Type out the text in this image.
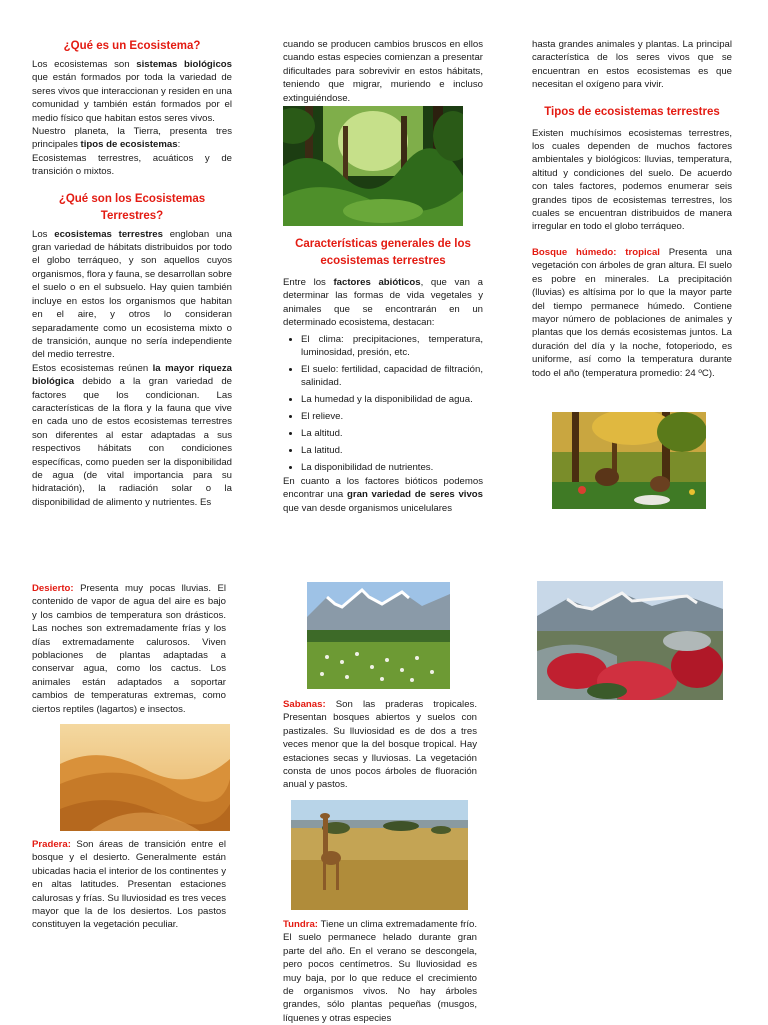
¿Qué es un Ecosistema?

Los ecosistemas son sistemas biológicos que están formados por toda la variedad de seres vivos que interaccionan y residen en una comunidad y también están formados por el medio físico que habitan estos seres vivos.

Nuestro planeta, la Tierra, presenta tres principales tipos de ecosistemas:

Ecosistemas terrestres, acuáticos y de transición o mixtos.

¿Qué son los Ecosistemas Terrestres?

Los ecosistemas terrestres engloban una gran variedad de hábitats distribuidos por todo el globo terráqueo, y son aquellos cuyos organismos, flora y fauna, se desarrollan sobre el suelo o en el subsuelo. Hay quien también incluye en estos los organismos que habitan en el aire, y otros lo consideran separadamente como un ecosistema mixto o de transición, aunque no sería independiente del medio terrestre.

Estos ecosistemas reúnen la mayor riqueza biológica debido a la gran variedad de factores que los condicionan. Las características de la flora y la fauna que vive en cada uno de estos ecosistemas terrestres son diferentes al estar adaptadas a sus respectivos hábitats con condiciones específicas, como pueden ser la disponibilidad de agua (de vital importancia para su hidratación), la radiación solar o la disponibilidad de alimento y nutrientes. Es

cuando se producen cambios bruscos en ellos cuando estas especies comienzan a presentar dificultades para sobrevivir en estos hábitats, teniendo que migrar, muriendo e incluso extinguiéndose.

Características generales de los ecosistemas terrestres

Entre los factores abióticos, que van a determinar las formas de vida vegetales y animales que se encontrarán en un determinado ecosistema, destacan:

• El clima: precipitaciones, temperatura, luminosidad, presión, etc.
• El suelo: fertilidad, capacidad de filtración, salinidad.
• La humedad y la disponibilidad de agua.
• El relieve.
• La altitud.
• La latitud.
• La disponibilidad de nutrientes.

En cuanto a los factores bióticos podemos encontrar una gran variedad de seres vivos que van desde organismos unicelulares

hasta grandes animales y plantas. La principal característica de los seres vivos que se encuentran en estos ecosistemas es que necesitan el oxígeno para vivir.

Tipos de ecosistemas terrestres

Existen muchísimos ecosistemas terrestres, los cuales dependen de muchos factores ambientales y biológicos: lluvias, temperatura, altitud y condiciones del suelo. De acuerdo con tales factores, podemos enumerar seis grandes tipos de ecosistemas terrestres, los cuales se encuentran distribuidos de manera irregular en todo el globo terráqueo.

Bosque húmedo: tropical Presenta una vegetación con árboles de gran altura. El suelo es pobre en minerales. La precipitación (lluvias) es altísima por lo que la mayor parte del tiempo permanece húmedo. Contiene mayor número de poblaciones de animales y plantas que los demás ecosistemas juntos. La duración del día y la noche, fotoperiodo, es uniforme, así como la temperatura durante todo el año (temperatura promedio: 24 ºC).

Desierto: Presenta muy pocas lluvias. El contenido de vapor de agua del aire es bajo y los cambios de temperatura son drásticos. Las noches son extremadamente frías y los días extremadamente calurosos. Viven poblaciones de plantas adaptadas a conservar agua, como los cactus. Los animales están adaptados a soportar cambios de temperaturas extremas, como ciertos reptiles (lagartos) e insectos.

Pradera: Son áreas de transición entre el bosque y el desierto. Generalmente están ubicadas hacia el interior de los continentes y en altas latitudes. Presentan estaciones calurosas y frías. Su lluviosidad es tres veces mayor que la de los desiertos. Los pastos constituyen la vegetación peculiar.

Sabanas: Son las praderas tropicales. Presentan bosques abiertos y suelos con pastizales. Su lluviosidad es de dos a tres veces menor que la del bosque tropical. Hay estaciones secas y lluviosas. La vegetación consta de unos pocos árboles de fluoración anual y pastos.

Tundra: Tiene un clima extremadamente frío. El suelo permanece helado durante gran parte del año. En el verano se descongela, pero pocos centímetros. Su lluviosidad es muy baja, por lo que reduce el crecimiento de organismos vivos. No hay árboles grandes, sólo plantas pequeñas (musgos, líquenes y otras especies
